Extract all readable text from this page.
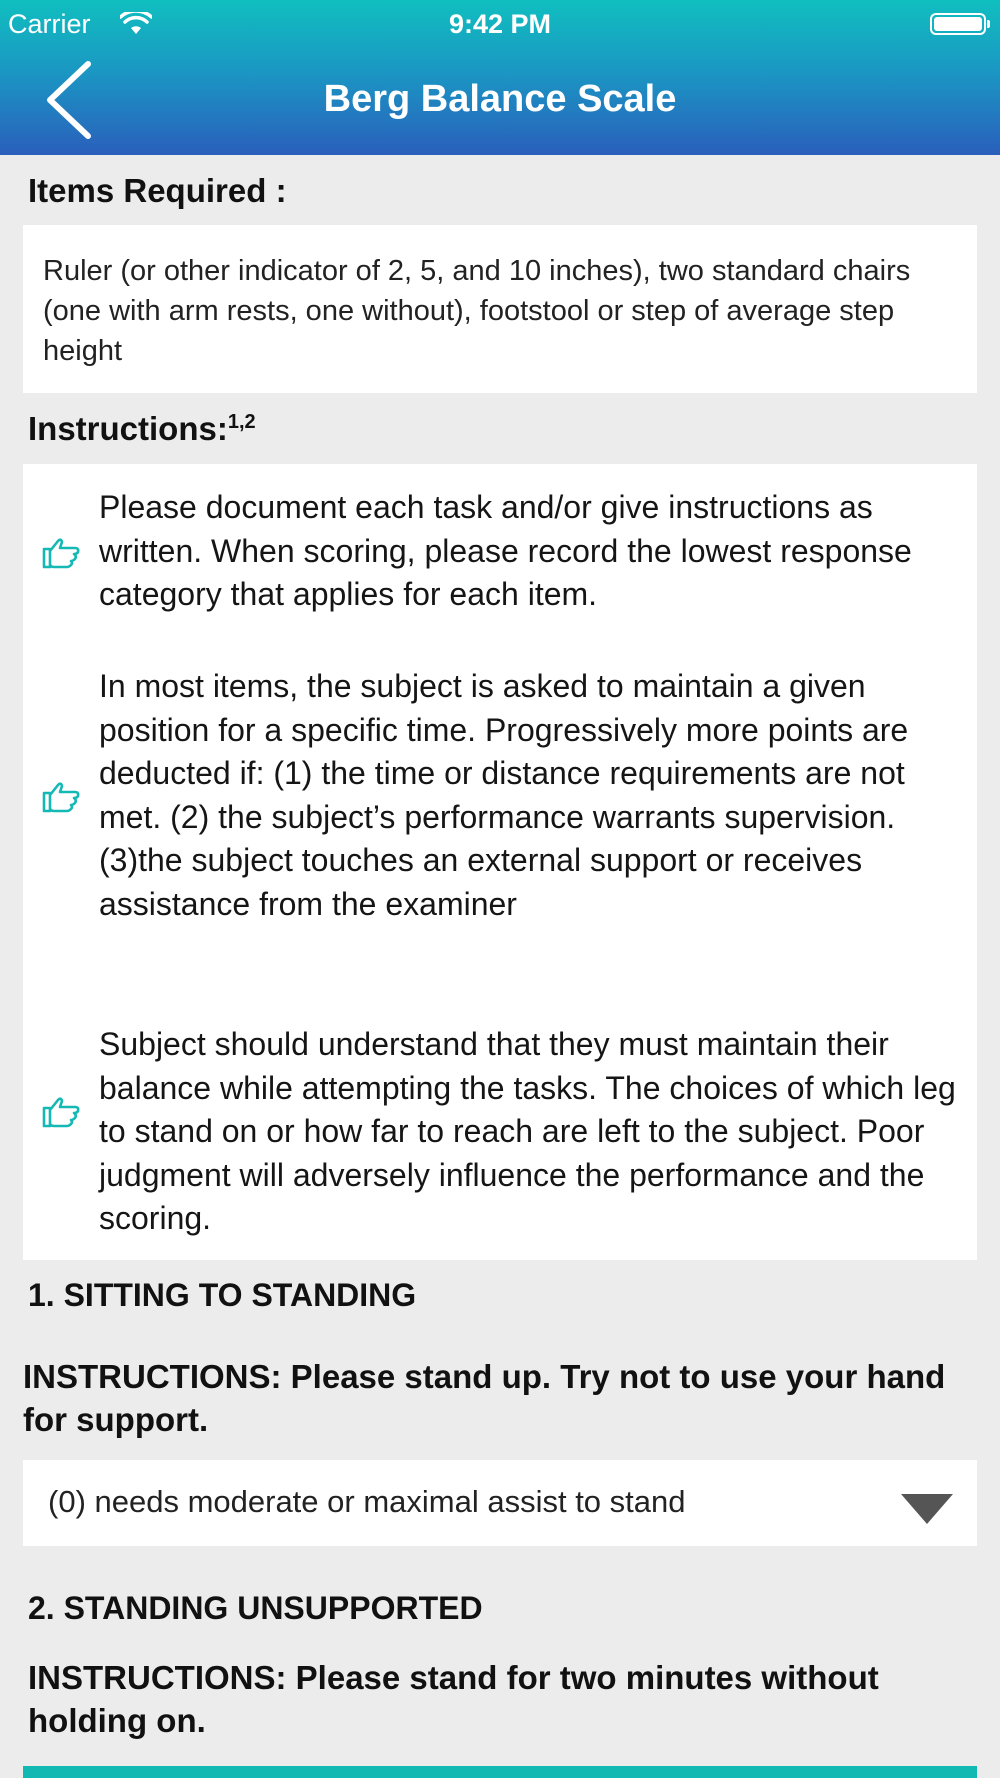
Carrier	9:42 PM
Berg Balance Scale
Items Required :
Ruler (or other indicator of 2, 5, and 10 inches), two standard chairs (one with arm rests, one without), footstool or step of average step height
Instructions:$^{1,2}$
Please document each task and/or give instructions as written. When scoring, please record the lowest response category that applies for each item.
In most items, the subject is asked to maintain a given position for a specific time. Progressively more points are deducted if: (1) the time or distance requirements are not met. (2) the subject’s performance warrants supervision. (3)the subject touches an external support or receives assistance from the examiner
Subject should understand that they must maintain their balance while attempting the tasks. The choices of which leg to stand on or how far to reach are left to the subject. Poor judgment will adversely influence the performance and the scoring.
1. SITTING TO STANDING
INSTRUCTIONS: Please stand up. Try not to use your hand for support.
(0) needs moderate or maximal assist to stand
2. STANDING UNSUPPORTED
INSTRUCTIONS: Please stand for two minutes without holding on.
